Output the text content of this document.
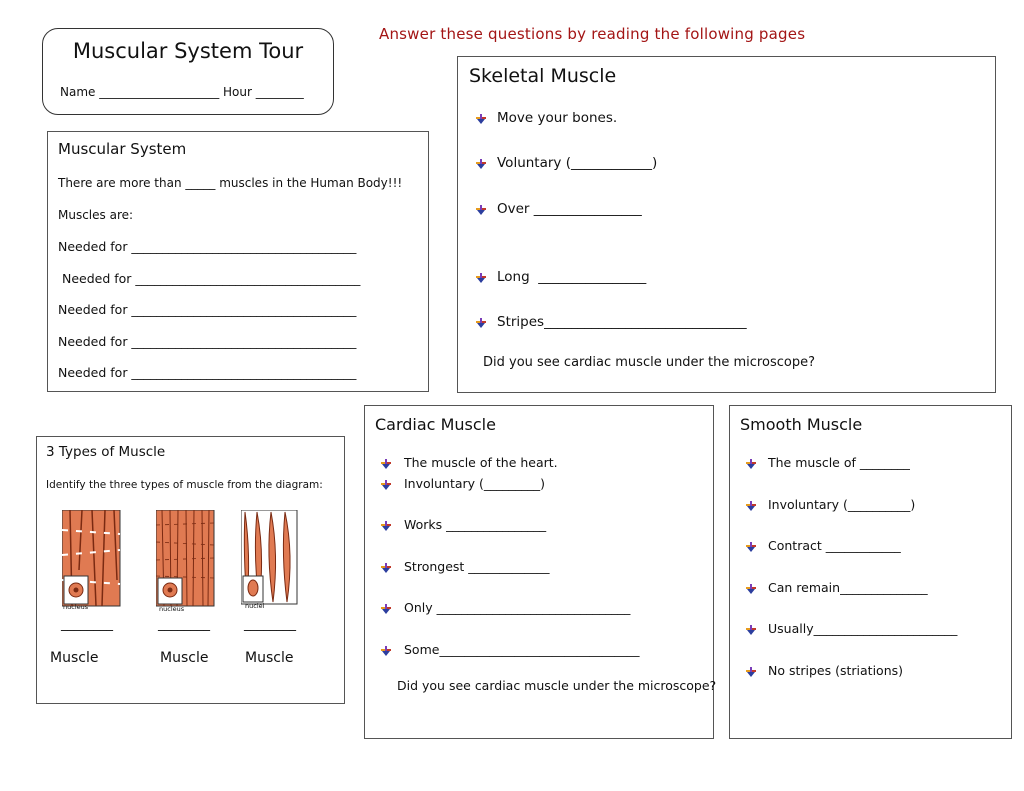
Muscular System Tour
Name ____________________ Hour ________
Answer these questions by reading the following pages
Muscular System
There are more than _____ muscles in the Human Body!!!
Muscles are:
Needed for ____________________________________
Needed for ____________________________________
Needed for ____________________________________
Needed for ____________________________________
Needed for ____________________________________
Skeletal Muscle
Move your bones.
Voluntary (____________)
Over ________________
Long  ________________
Stripes______________________________
Did you see cardiac muscle under the microscope?
3 Types of Muscle
Identify the three types of muscle from the diagram:
nucleus	nucleus	nuclei
________	________	________
Muscle	Muscle	Muscle
Cardiac Muscle
The muscle of the heart.
Involuntary (_________)
Works ________________
Strongest _____________
Only _______________________________
Some________________________________
Did you see cardiac muscle under the microscope?
Smooth Muscle
The muscle of ________
Involuntary (__________)
Contract ____________
Can remain______________
Usually_______________________
No stripes (striations)
